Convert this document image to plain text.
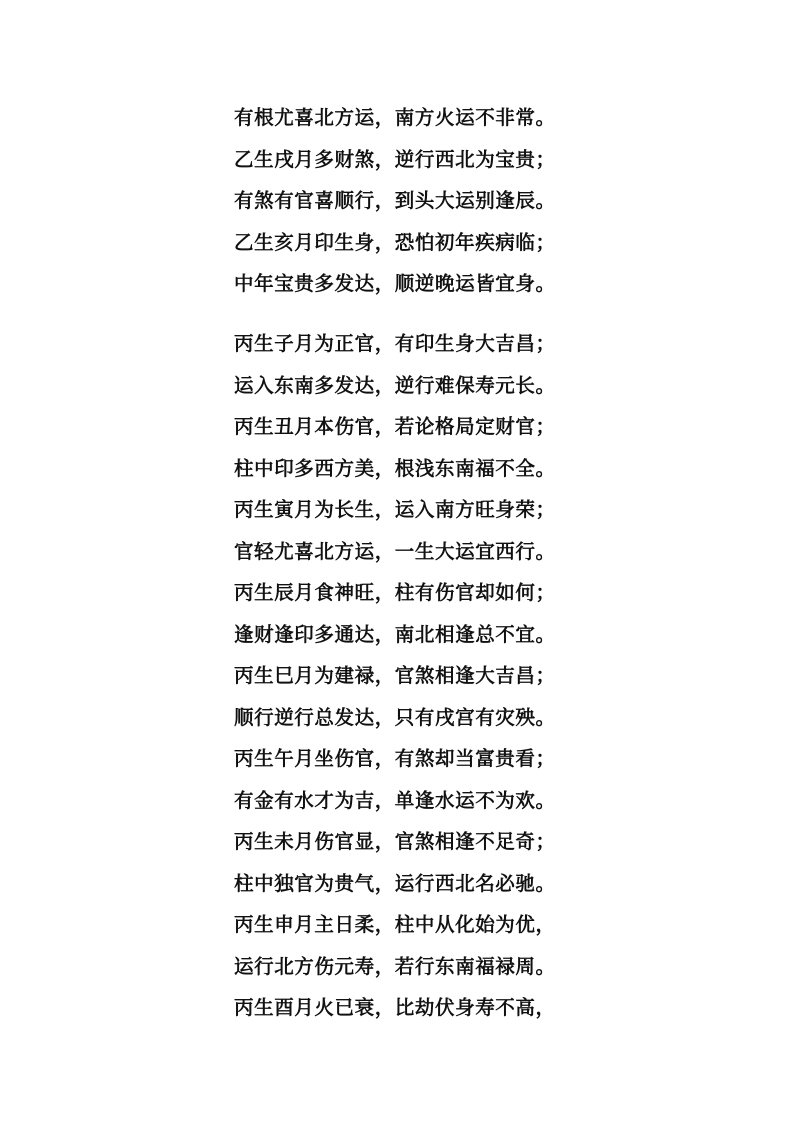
有根尤喜北方运，南方火运不非常。
乙生戌月多财煞，逆行西北为宝贵；
有煞有官喜顺行，到头大运别逢辰。
乙生亥月印生身，恐怕初年疾病临；
中年宝贵多发达，顺逆晚运皆宜身。
丙生子月为正官，有印生身大吉昌；
运入东南多发达，逆行难保寿元长。
丙生丑月本伤官，若论格局定财官；
柱中印多西方美，根浅东南福不全。
丙生寅月为长生，运入南方旺身荣；
官轻尤喜北方运，一生大运宜西行。
丙生辰月食神旺，柱有伤官却如何；
逢财逢印多通达，南北相逢总不宜。
丙生巳月为建禄，官煞相逢大吉昌；
顺行逆行总发达，只有戌宫有灾殃。
丙生午月坐伤官，有煞却当富贵看；
有金有水才为吉，单逢水运不为欢。
丙生未月伤官显，官煞相逢不足奇；
柱中独官为贵气，运行西北名必驰。
丙生申月主日柔，柱中从化始为优，
运行北方伤元寿，若行东南福禄周。
丙生酉月火已衰，比劫伏身寿不高，
